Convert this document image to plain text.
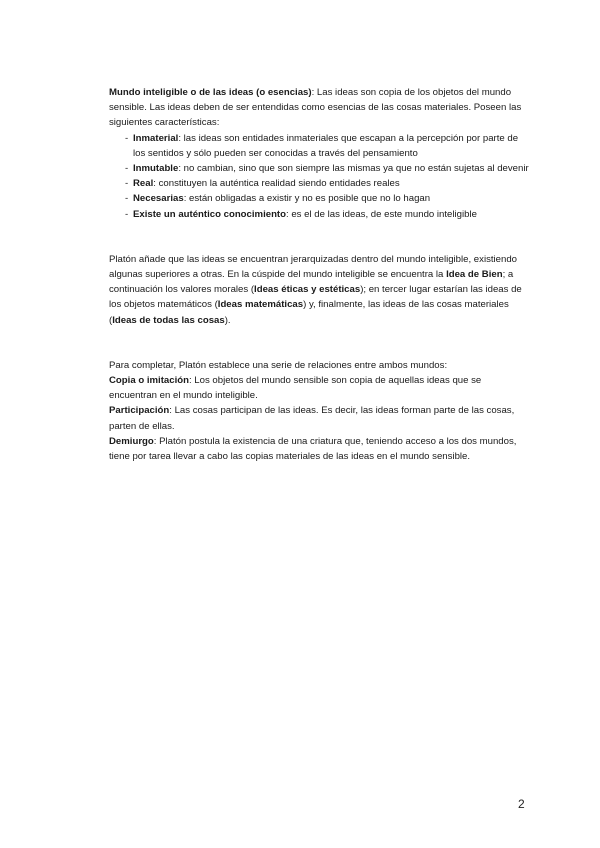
Mundo inteligible o de las ideas (o esencias): Las ideas son copia de los objetos del mundo sensible. Las ideas deben de ser entendidas como esencias de las cosas materiales. Poseen las siguientes características:

- Inmaterial: las ideas son entidades inmateriales que escapan a la percepción por parte de los sentidos y sólo pueden ser conocidas a través del pensamiento
- Inmutable: no cambian, sino que son siempre las mismas ya que no están sujetas al devenir
- Real: constituyen la auténtica realidad siendo entidades reales
- Necesarias: están obligadas a existir y no es posible que no lo hagan
- Existe un auténtico conocimiento: es el de las ideas, de este mundo inteligible

Platón añade que las ideas se encuentran jerarquizadas dentro del mundo inteligible, existiendo algunas superiores a otras. En la cúspide del mundo inteligible se encuentra la Idea de Bien; a continuación los valores morales (Ideas éticas y estéticas); en tercer lugar estarían las ideas de los objetos matemáticos (Ideas matemáticas) y, finalmente, las ideas de las cosas materiales (Ideas de todas las cosas).

Para completar, Platón establece una serie de relaciones entre ambos mundos:

Copia o imitación: Los objetos del mundo sensible son copia de aquellas ideas que se encuentran en el mundo inteligible.

Participación: Las cosas participan de las ideas. Es decir, las ideas forman parte de las cosas, parten de ellas.

Demiurgo: Platón postula la existencia de una criatura que, teniendo acceso a los dos mundos, tiene por tarea llevar a cabo las copias materiales de las ideas en el mundo sensible.

2
